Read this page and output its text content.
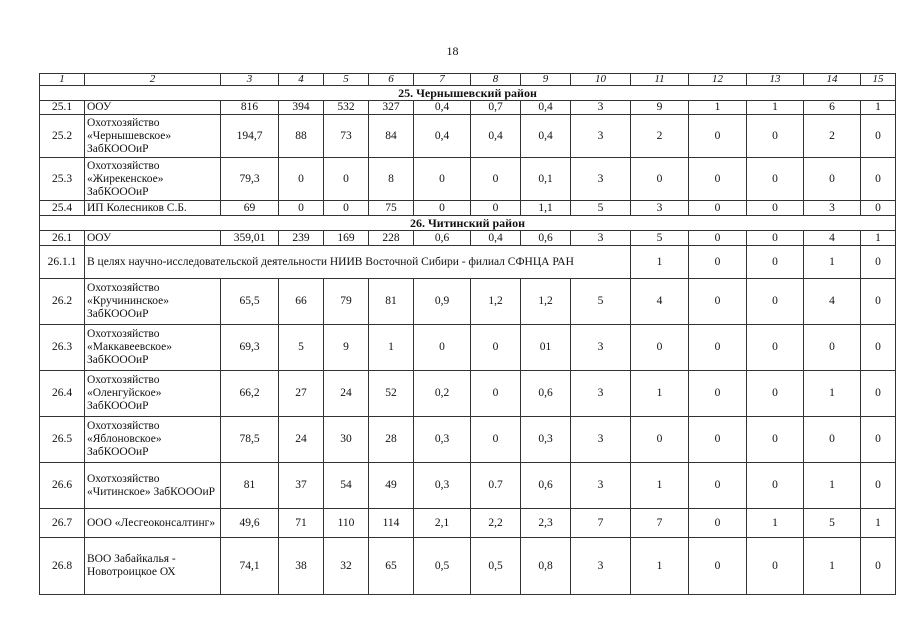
18
1	2	3	4	5	6	7	8	9	10	11	12	13	14	15
25. Чернышевский район														
25.1	ООУ	816	394	532	327	0,4	0,7	0,4	3	9	1	1	6	1
25.2	Охотхозяйство «Чернышевское» ЗабКОООиР	194,7	88	73	84	0,4	0,4	0,4	3	2	0	0	2	0
25.3	Охотхозяйство «Жирекенское» ЗабКОООиР	79,3	0	0	8	0	0	0,1	3	0	0	0	0	0
25.4	ИП Колесников С.Б.	69	0	0	75	0	0	1,1	5	3	0	0	3	0
26. Читинский район														
26.1	ООУ	359,01	239	169	228	0,6	0,4	0,6	3	5	0	0	4	1
26.1.1	В целях научно-исследовательской деятельности НИИВ Восточной Сибири - филиал СФНЦА РАН									1	0	0	1	0
26.2	Охотхозяйство «Кручининское» ЗабКОООиР	65,5	66	79	81	0,9	1,2	1,2	5	4	0	0	4	0
26.3	Охотхозяйство «Маккавеевское» ЗабКОООиР	69,3	5	9	1	0	0	01	3	0	0	0	0	0
26.4	Охотхозяйство «Оленгуйское» ЗабКОООиР	66,2	27	24	52	0,2	0	0,6	3	1	0	0	1	0
26.5	Охотхозяйство «Яблоновское» ЗабКОООиР	78,5	24	30	28	0,3	0	0,3	3	0	0	0	0	0
26.6	Охотхозяйство «Читинское» ЗабКОООиР	81	37	54	49	0,3	0.7	0,6	3	1	0	0	1	0
26.7	ООО «Лесгеоконсалтинг»	49,6	71	110	114	2,1	2,2	2,3	7	7	0	1	5	1
26.8	ВОО Забайкалья - Новотроицкое ОХ	74,1	38	32	65	0,5	0,5	0,8	3	1	0	0	1	0
